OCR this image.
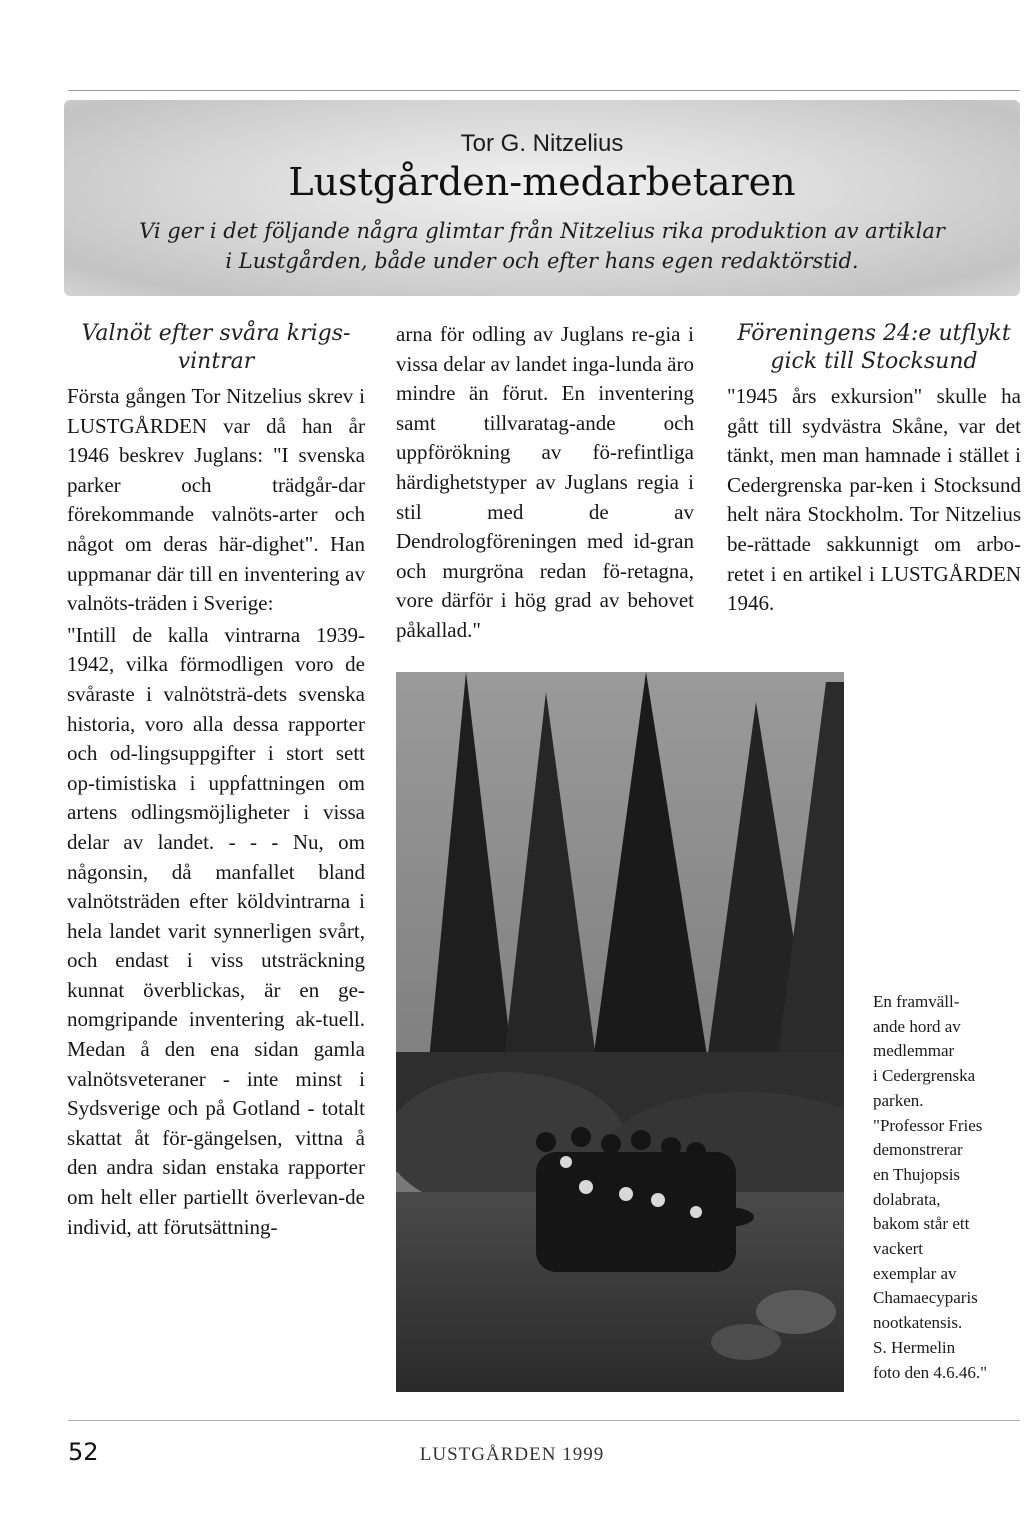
Tor G. Nitzelius
Lustgården-medarbetaren
Vi ger i det följande några glimtar från Nitzelius rika produktion av artiklar
i Lustgården, både under och efter hans egen redaktörstid.
Valnöt efter svåra krigs-vintrar

Första gången Tor Nitzelius skrev i LUSTGÅRDEN var då han år 1946 beskrev Juglans: "I svenska parker och trädgår-dar förekommande valnöts-arter och något om deras här-dighet". Han uppmanar där till en inventering av valnöts-träden i Sverige:

"Intill de kalla vintrarna 1939-1942, vilka förmodligen voro de svåraste i valnötsträ-dets svenska historia, voro alla dessa rapporter och od-lingsuppgifter i stort sett op-timistiska i uppfattningen om artens odlingsmöjligheter i vissa delar av landet. - - - Nu, om någonsin, då manfallet bland valnötsträden efter köldvintrarna i hela landet varit synnerligen svårt, och endast i viss utsträckning kunnat överblickas, är en ge-nomgripande inventering ak-tuell. Medan å den ena sidan gamla valnötsveteraner - inte minst i Sydsverige och på Gotland - totalt skattat åt för-gängelsen, vittna å den andra sidan enstaka rapporter om helt eller partiellt överlevan-de individ, att förutsättning-

arna för odling av Juglans re-gia i vissa delar av landet inga-lunda äro mindre än förut. En inventering samt tillvaratag-ande och uppförökning av fö-refintliga härdighetstyper av Juglans regia i stil med de av Dendrologföreningen med id-gran och murgröna redan fö-retagna, vore därför i hög grad av behovet påkallad."

Föreningens 24:e utflykt gick till Stocksund

"1945 års exkursion" skulle ha gått till sydvästra Skåne, var det tänkt, men man hamnade i stället i Cedergrenska par-ken i Stocksund helt nära Stockholm. Tor Nitzelius be-rättade sakkunnigt om arbo-retet i en artikel i LUSTGÅRDEN 1946.

En framväll-
ande hord av
medlemmar
i Cedergrenska
parken.
"Professor Fries
demonstrerar
en Thujopsis
dolabrata,
bakom står ett
vackert
exemplar av
Chamaecyparis
nootkatensis.
S. Hermelin
foto den 4.6.46."
52	LUSTGÅRDEN 1999
